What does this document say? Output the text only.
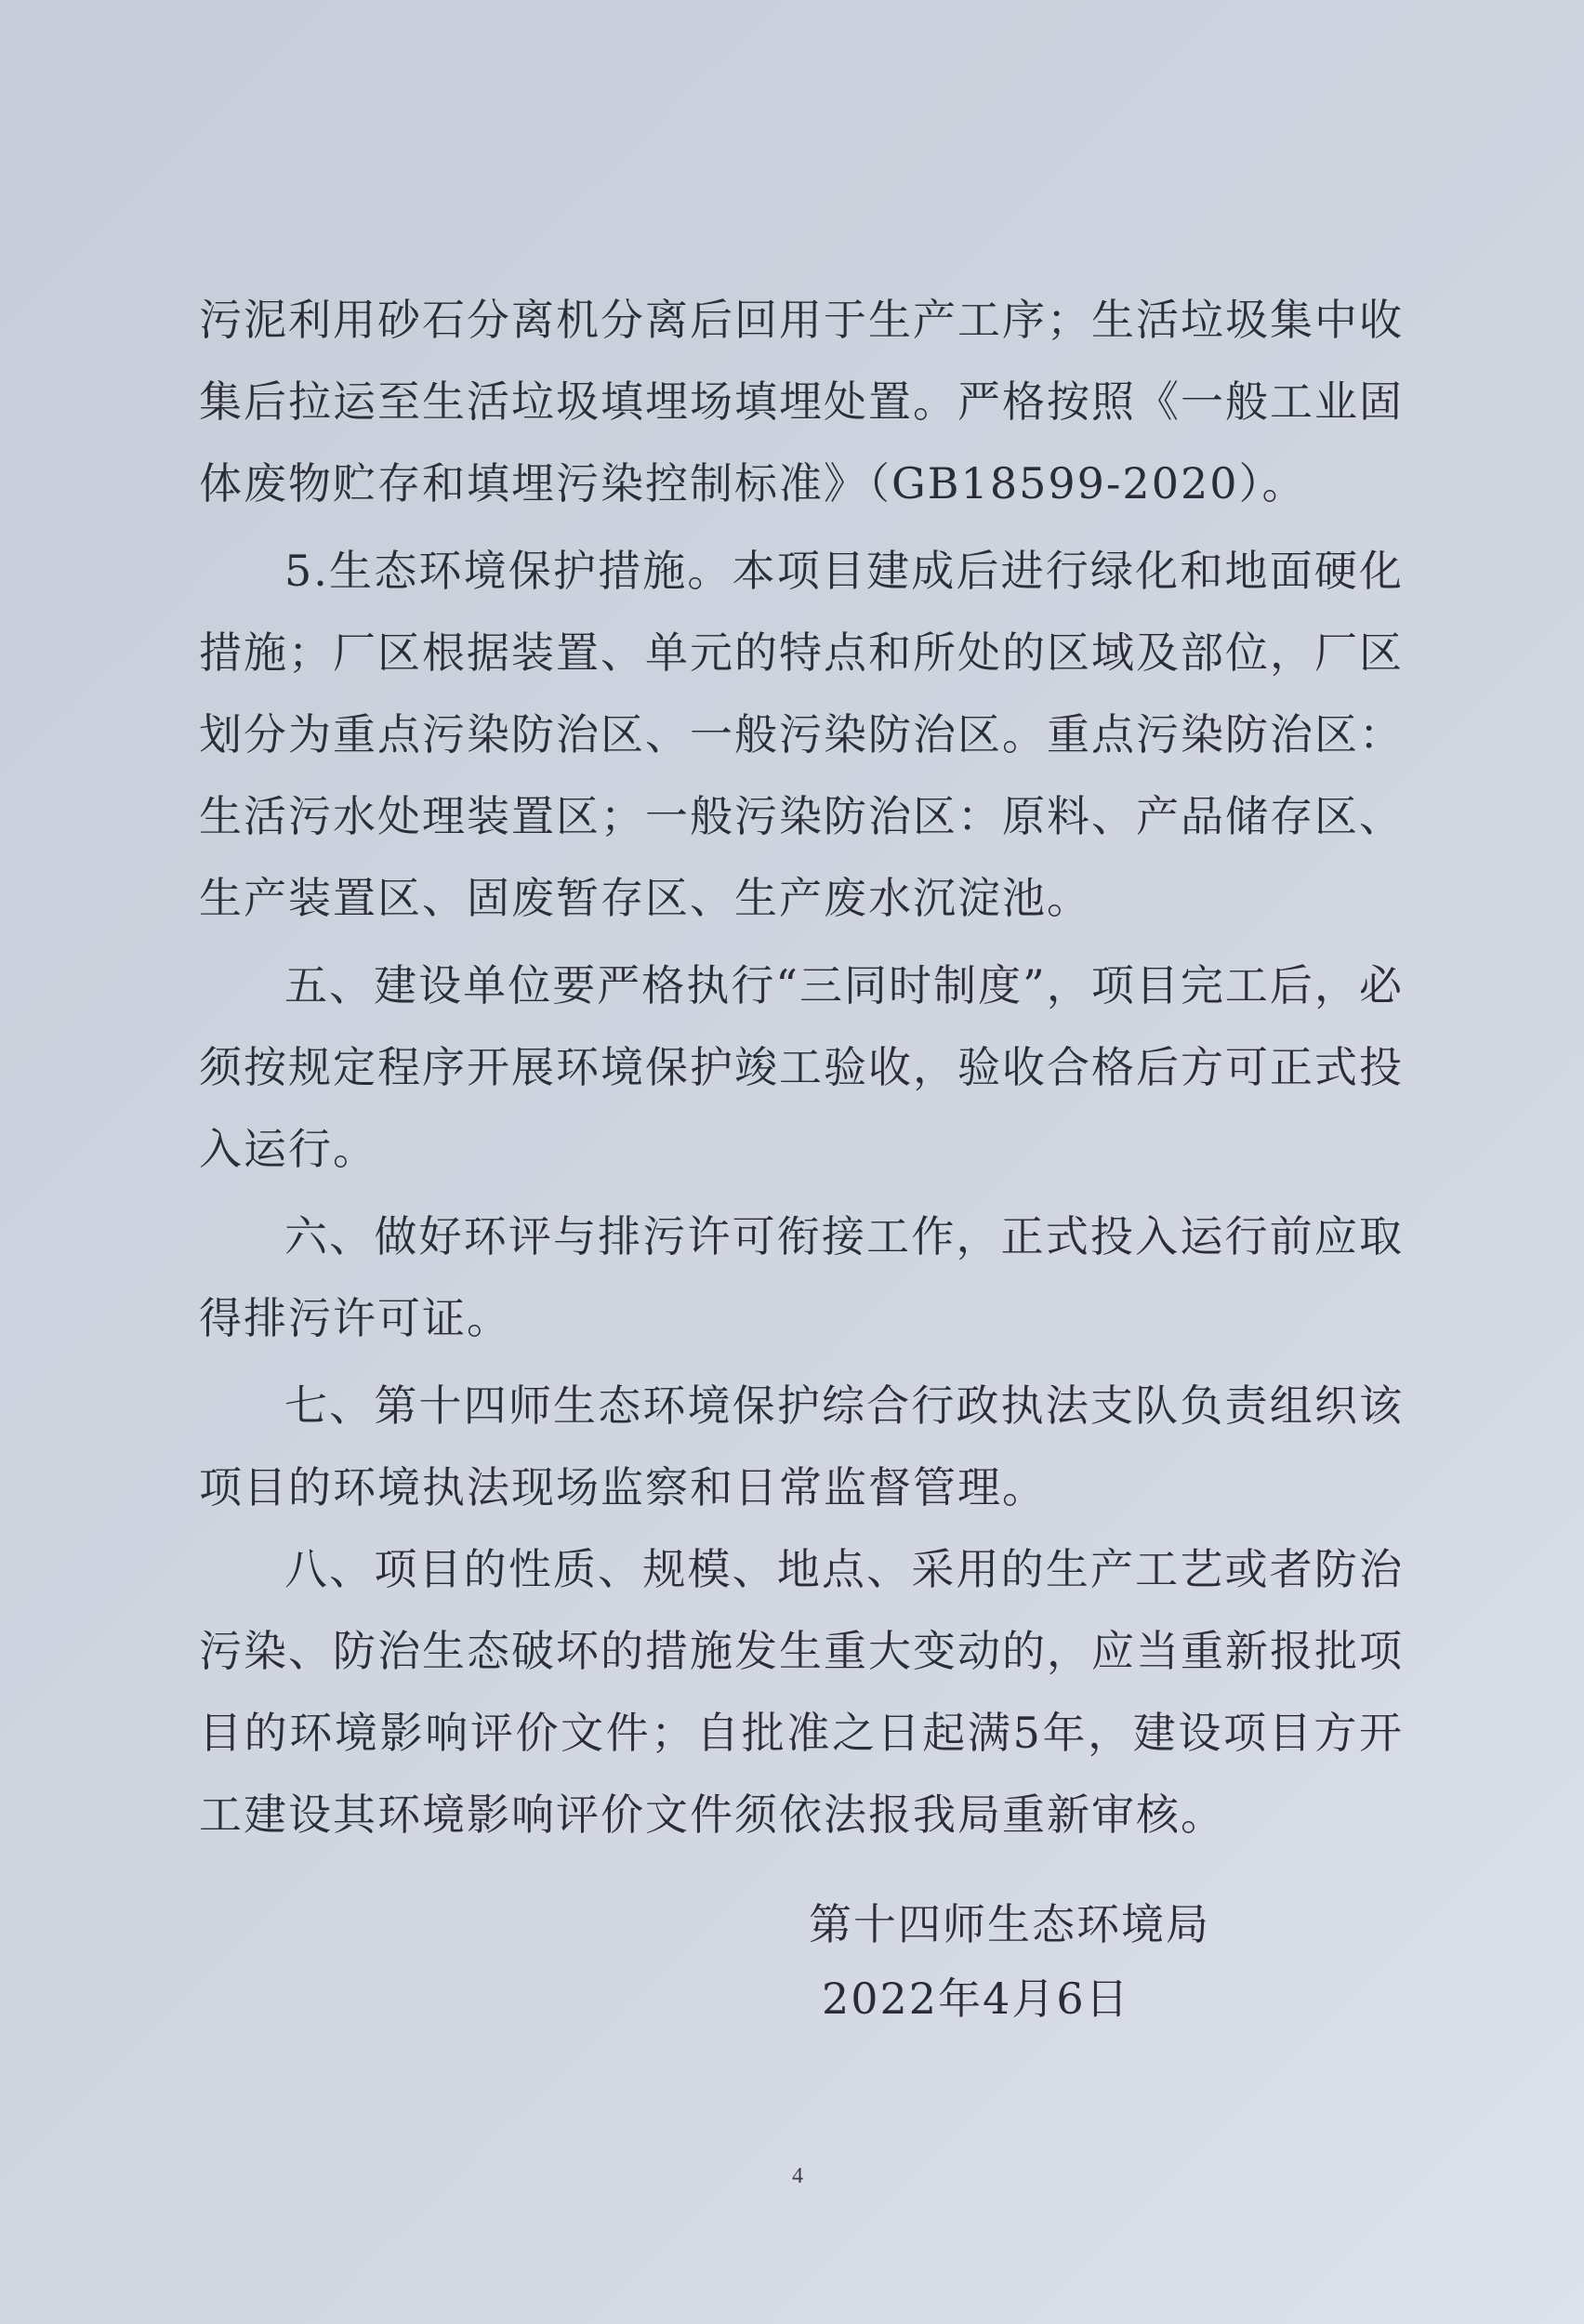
污泥利用砂石分离机分离后回用于生产工序；生活垃圾集中收集后拉运至生活垃圾填埋场填埋处置。严格按照《一般工业固体废物贮存和填埋污染控制标准》（GB18599-2020）。

5.生态环境保护措施。本项目建成后进行绿化和地面硬化措施；厂区根据装置、单元的特点和所处的区域及部位，厂区划分为重点污染防治区、一般污染防治区。重点污染防治区：生活污水处理装置区；一般污染防治区：原料、产品储存区、生产装置区、固废暂存区、生产废水沉淀池。

五、建设单位要严格执行“三同时制度”，项目完工后，必须按规定程序开展环境保护竣工验收，验收合格后方可正式投入运行。

六、做好环评与排污许可衔接工作，正式投入运行前应取得排污许可证。

七、第十四师生态环境保护综合行政执法支队负责组织该项目的环境执法现场监察和日常监督管理。

八、项目的性质、规模、地点、采用的生产工艺或者防治污染、防治生态破坏的措施发生重大变动的，应当重新报批项目的环境影响评价文件；自批准之日起满5年，建设项目方开工建设其环境影响评价文件须依法报我局重新审核。

第十四师生态环境局
2022年4月6日
4
